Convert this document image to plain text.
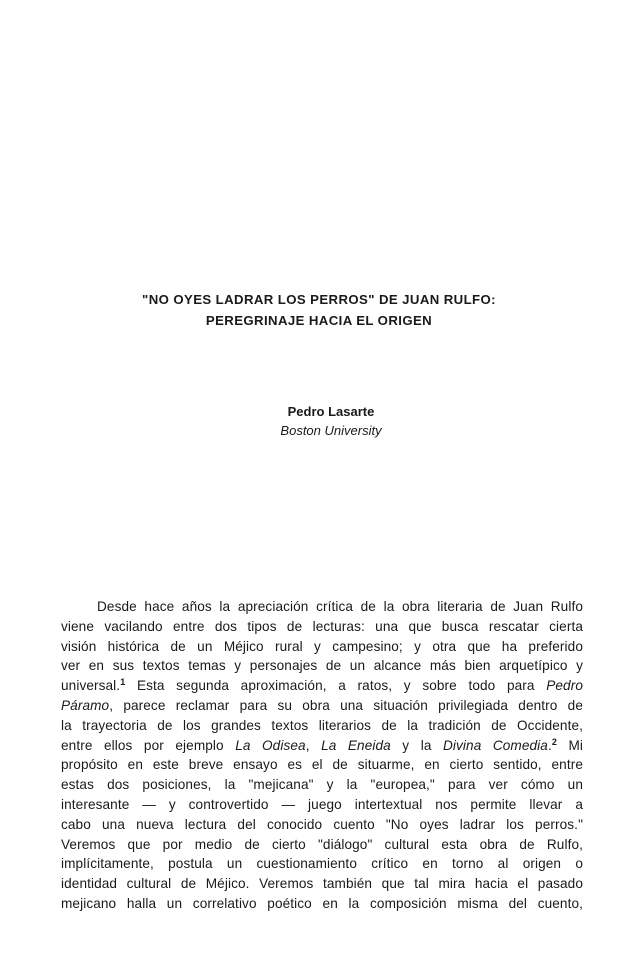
"NO OYES LADRAR LOS PERROS" DE JUAN RULFO:
PEREGRINAJE HACIA EL ORIGEN
Pedro Lasarte
Boston University
Desde hace años la apreciación crítica de la obra literaria de Juan Rulfo
viene vacilando entre dos tipos de lecturas: una que busca rescatar cierta
visión histórica de un Méjico rural y campesino; y otra que ha preferido
ver en sus textos temas y personajes de un alcance más bien arquetípico y
universal.$^1$ Esta segunda aproximación, a ratos, y sobre todo para Pedro
Páramo, parece reclamar para su obra una situación privilegiada dentro de
la trayectoria de los grandes textos literarios de la tradición de Occidente,
entre ellos por ejemplo La Odisea, La Eneida y la Divina Comedia.$^2$ Mi
propósito en este breve ensayo es el de situarme, en cierto sentido, entre
estas dos posiciones, la "mejicana" y la "europea," para ver cómo un
interesante — y controvertido — juego intertextual nos permite llevar a
cabo una nueva lectura del conocido cuento "No oyes ladrar los perros."
Veremos que por medio de cierto "diálogo" cultural esta obra de Rulfo,
implícitamente, postula un cuestionamiento crítico en torno al origen o
identidad cultural de Méjico. Veremos también que tal mira hacia el pasado
mejicano halla un correlativo poético en la composición misma del cuento,
